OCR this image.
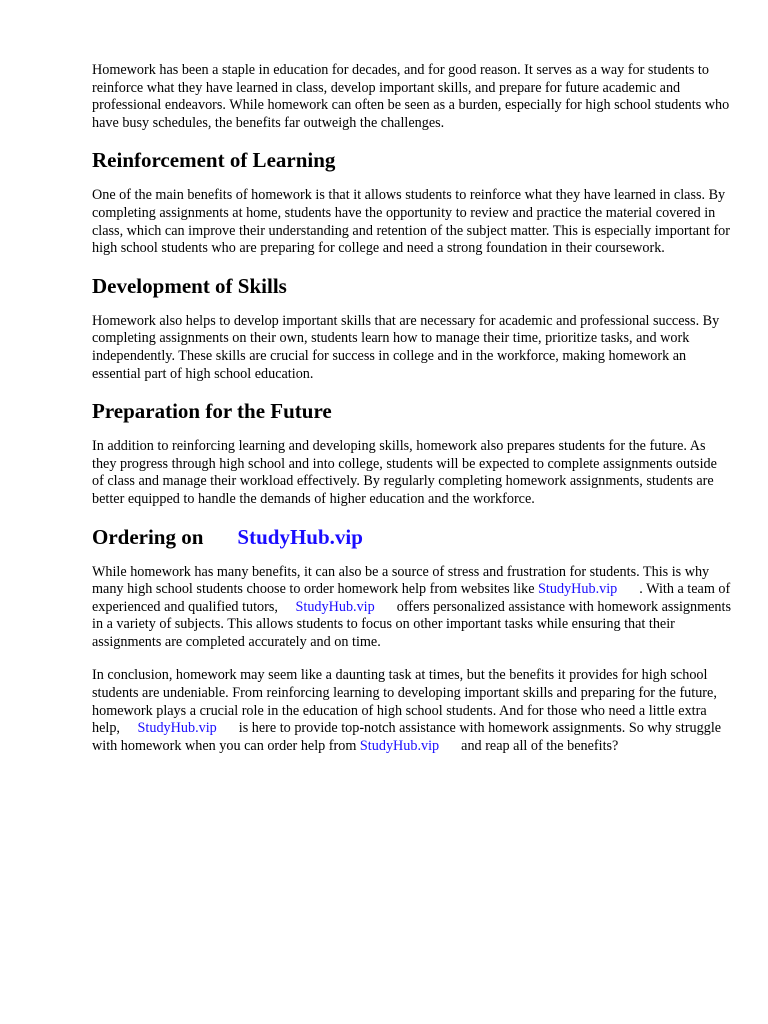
Homework has been a staple in education for decades, and for good reason. It serves as a way for students to reinforce what they have learned in class, develop important skills, and prepare for future academic and professional endeavors. While homework can often be seen as a burden, especially for high school students who have busy schedules, the benefits far outweigh the challenges.

Reinforcement of Learning

One of the main benefits of homework is that it allows students to reinforce what they have learned in class. By completing assignments at home, students have the opportunity to review and practice the material covered in class, which can improve their understanding and retention of the subject matter. This is especially important for high school students who are preparing for college and need a strong foundation in their coursework.

Development of Skills

Homework also helps to develop important skills that are necessary for academic and professional success. By completing assignments on their own, students learn how to manage their time, prioritize tasks, and work independently. These skills are crucial for success in college and in the workforce, making homework an essential part of high school education.

Preparation for the Future

In addition to reinforcing learning and developing skills, homework also prepares students for the future. As they progress through high school and into college, students will be expected to complete assignments outside of class and manage their workload effectively. By regularly completing homework assignments, students are better equipped to handle the demands of higher education and the workforce.

Ordering on StudyHub.vip

While homework has many benefits, it can also be a source of stress and frustration for students. This is why many high school students choose to order homework help from websites like StudyHub.vip . With a team of experienced and qualified tutors, StudyHub.vip offers personalized assistance with homework assignments in a variety of subjects. This allows students to focus on other important tasks while ensuring that their assignments are completed accurately and on time.

In conclusion, homework may seem like a daunting task at times, but the benefits it provides for high school students are undeniable. From reinforcing learning to developing important skills and preparing for the future, homework plays a crucial role in the education of high school students. And for those who need a little extra help, StudyHub.vip is here to provide top-notch assistance with homework assignments. So why struggle with homework when you can order help from StudyHub.vip and reap all of the benefits?
